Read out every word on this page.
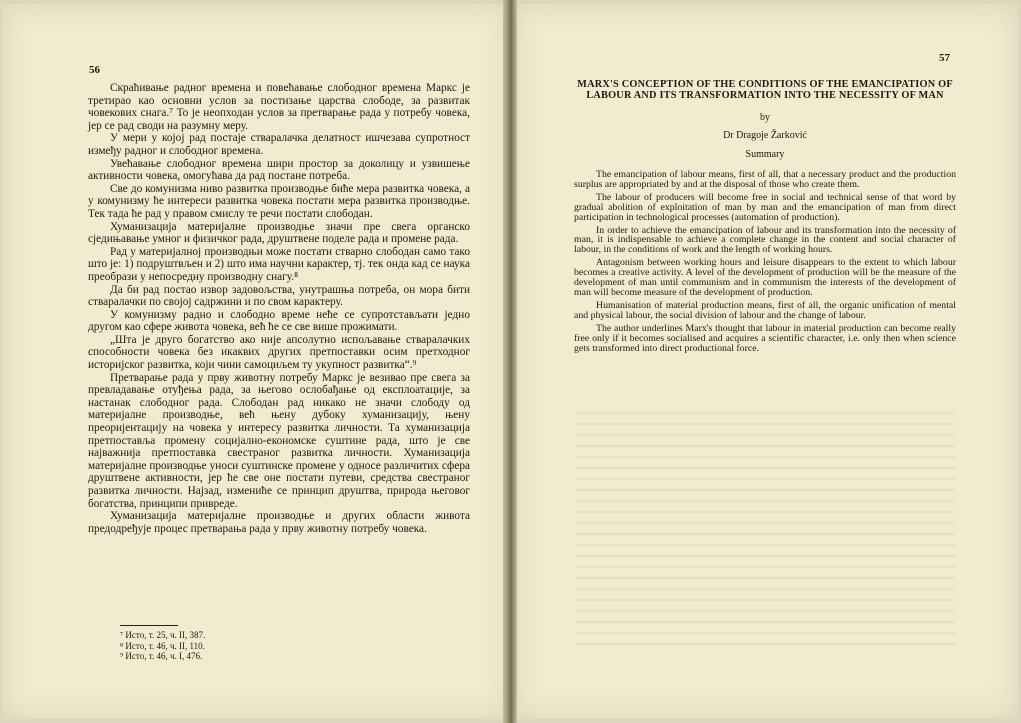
56

Скраћивање радног времена и повећавање слободног времена Маркс је третирао као основни услов за постизање царства слободе, за развитак човекових снага.⁷ То је неопходан услов за претварање рада у потребу човека, јер се рад своди на разумну меру.

У мери у којој рад постаје стваралачка делатност ишчезава супротност између радног и слободног времена.

Увећавање слободног времена шири простор за доколицу и узвишење активности човека, омогућава да рад постане потреба.

Све до комунизма ниво развитка производње биће мера развитка човека, а у комунизму ће интереси развитка човека постати мера развитка производње. Тек тада ће рад у правом смислу те речи постати слободан.

Хуманизација материјалне производње значи пре свега органско сједињавање умног и физичког рада, друштвене поделе рада и промене рада.

Рад у материјалној производњи може постати стварно слободан само тако што је: 1) подруштвљен и 2) што има научни карактер, тј. тек онда кад се наука преобрази у непосредну производну снагу.⁸

Да би рад постао извор задовољства, унутрашња потреба, он мора бити стваралачки по својој садржини и по свом карактеру.

У комунизму радно и слободно време неће се супротстављати једно другом као сфере живота човека, већ ће се све више прожимати.

„Шта је друго богатство ако није апсолутно испољавање стваралачких способности човека без икаквих других претпоставки осим претходног историјског развитка, који чини самоциљем ту укупност развитка“.⁹

Претварање рада у прву животну потребу Маркс је везивао пре свега за превладавање отуђења рада, за његово ослобађање од експлоатације, за настанак слободног рада. Слободан рад никако не значи слободу од материјалне производње, већ њену дубоку хуманизацију, њену преоријентацију на човека у интересу развитка личности. Та хуманизација претпоставља промену социјално-економске суштине рада, што је све најважнија претпоставка свестраног развитка личности. Хуманизација материјалне производње уноси суштинске промене у односе различитих сфера друштвене активности, јер ће све оне постати путеви, средства свестраног развитка личности. Најзад, измениће се принцип друштва, природа његовог богатства, принципи привреде.

Хуманизација материјалне производње и других области живота предодређује процес претварања рада у прву животну потребу човека.

⁷ Исто, т. 25, ч. II, 387.
⁸ Исто, т. 46, ч. II, 110.
⁹ Исто, т. 46, ч. I, 476.
57
MARX'S CONCEPTION OF THE CONDITIONS OF THE EMANCIPATION OF LABOUR AND ITS TRANSFORMATION INTO THE NECESSITY OF MAN
by
Dr Dragoje Žarković
Summary

The emancipation of labour means, first of all, that a necessary product and the production surplus are appropriated by and at the disposal of those who create them.

The labour of producers will become free in social and technical sense of that word by gradual abolition of exploitation of man by man and the emancipation of man from direct participation in technological processes (automation of production).

In order to achieve the emancipation of labour and its transformation into the necessity of man, it is indispensable to achieve a complete change in the content and social character of labour, in the conditions of work and the length of working hours.

Antagonism between working hours and leisure disappears to the extent to which labour becomes a creative activity. A level of the development of production will be the measure of the development of man until communism and in communism the interests of the development of man will become measure of the development of production.

Humanisation of material production means, first of all, the organic unification of mental and physical labour, the social division of labour and the change of labour.

The author underlines Marx's thought that labour in material production can become really free only if it becomes socialised and acquires a scientific character, i.e. only then when science gets transformed into direct productional force.
